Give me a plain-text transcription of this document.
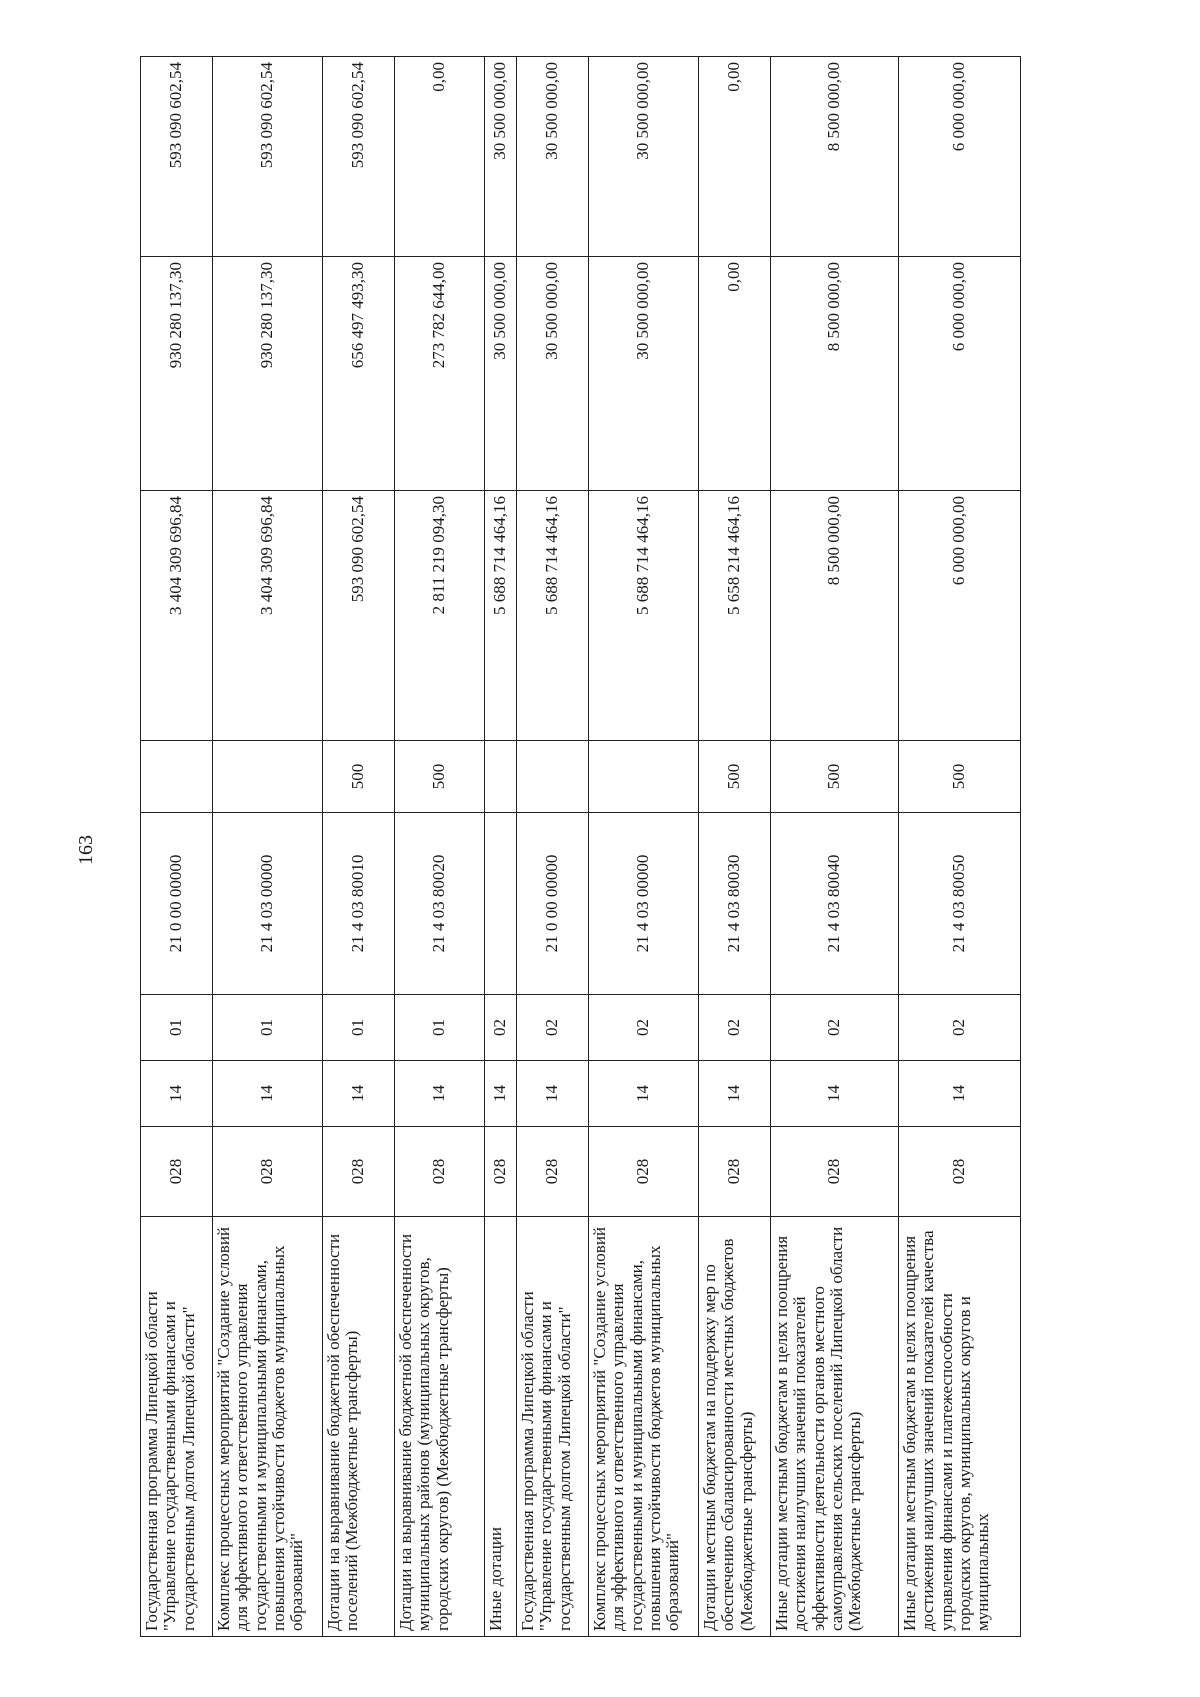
163
Государственная программа Липецкой области "Управление государственными финансами и государственным долгом Липецкой области"	028	14	01	21 0 00 00000		3 404 309 696,84	930 280 137,30	593 090 602,54
Комплекс процессных мероприятий "Создание условий для эффективного и ответственного управления государственными и муниципальными финансами, повышения устойчивости бюджетов муниципальных образований"	028	14	01	21 4 03 00000		3 404 309 696,84	930 280 137,30	593 090 602,54
Дотации на выравнивание бюджетной обеспеченности поселений (Межбюджетные трансферты)	028	14	01	21 4 03 80010	500	593 090 602,54	656 497 493,30	593 090 602,54
Дотации на выравнивание бюджетной обеспеченности муниципальных районов (муниципальных округов, городских округов) (Межбюджетные трансферты)	028	14	01	21 4 03 80020	500	2 811 219 094,30	273 782 644,00	0,00
Иные дотации	028	14	02			5 688 714 464,16	30 500 000,00	30 500 000,00
Государственная программа Липецкой области "Управление государственными финансами и государственным долгом Липецкой области"	028	14	02	21 0 00 00000		5 688 714 464,16	30 500 000,00	30 500 000,00
Комплекс процессных мероприятий "Создание условий для эффективного и ответственного управления государственными и муниципальными финансами, повышения устойчивости бюджетов муниципальных образований"	028	14	02	21 4 03 00000		5 688 714 464,16	30 500 000,00	30 500 000,00
Дотации местным бюджетам на поддержку мер по обеспечению сбалансированности местных бюджетов (Межбюджетные трансферты)	028	14	02	21 4 03 80030	500	5 658 214 464,16	0,00	0,00
Иные дотации местным бюджетам в целях поощрения достижения наилучших значений показателей эффективности деятельности органов местного самоуправления сельских поселений Липецкой области (Межбюджетные трансферты)	028	14	02	21 4 03 80040	500	8 500 000,00	8 500 000,00	8 500 000,00
Иные дотации местным бюджетам в целях поощрения достижения наилучших значений показателей качества управления финансами и платежеспособности городских округов, муниципальных округов и муниципальных	028	14	02	21 4 03 80050	500	6 000 000,00	6 000 000,00	6 000 000,00
